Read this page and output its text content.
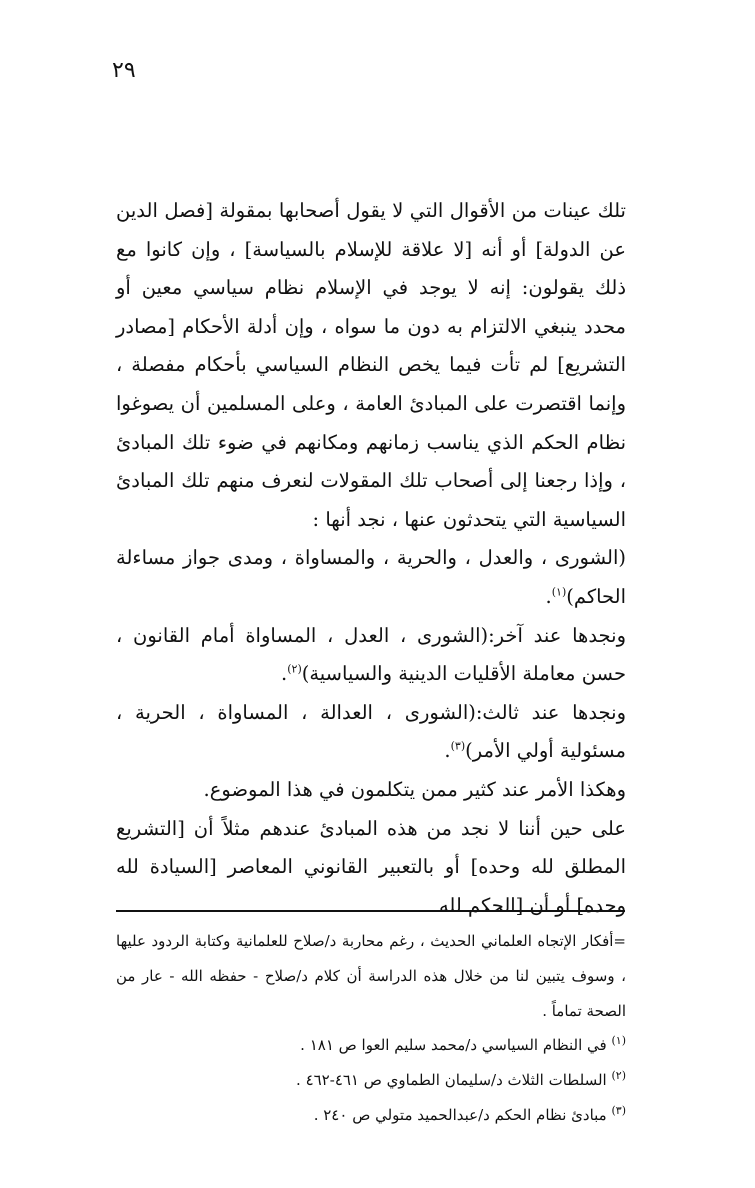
٢٩

تلك عينات من الأقوال التي لا يقول أصحابها بمقولة [فصل الدين عن الدولة] أو أنه [لا علاقة للإسلام بالسياسة] ، وإن كانوا مع ذلك يقولون: إنه لا يوجد في الإسلام نظام سياسي معين أو محدد ينبغي الالتزام به دون ما سواه ، وإن أدلة الأحكام [مصادر التشريع] لم تأت فيما يخص النظام السياسي بأحكام مفصلة ، وإنما اقتصرت على المبادئ العامة ، وعلى المسلمين أن يصوغوا نظام الحكم الذي يناسب زمانهم ومكانهم في ضوء تلك المبادئ ، وإذا رجعنا إلى أصحاب تلك المقولات لنعرف منهم تلك المبادئ السياسية التي يتحدثون عنها ، نجد أنها :

(الشورى ، والعدل ، والحرية ، والمساواة ، ومدى جواز مساءلة الحاكم)$^{(١)}$.

ونجدها عند آخر:(الشورى ، العدل ، المساواة أمام القانون ، حسن معاملة الأقليات الدينية والسياسية)$^{(٢)}$.

ونجدها عند ثالث:(الشورى ، العدالة ، المساواة ، الحرية ، مسئولية أولي الأمر)$^{(٣)}$.

وهكذا الأمر عند كثير ممن يتكلمون في هذا الموضوع.

على حين أننا لا نجد من هذه المبادئ عندهم مثلاً أن [التشريع المطلق لله وحده] أو بالتعبير القانوني المعاصر [السيادة لله وحده] أو أن [الحكم لله

=أفكار الإتجاه العلماني الحديث ، رغم محاربة د/صلاح للعلمانية وكتابة الردود عليها ، وسوف يتبين لنا من خلال هذه الدراسة أن كلام د/صلاح - حفظه الله - عار من الصحة تماماً .

$^{(١)}$ في النظام السياسي د/محمد سليم العوا ص ١٨١ .

$^{(٢)}$ السلطات الثلاث د/سليمان الطماوي ص ٤٦١-٤٦٢ .

$^{(٣)}$ مبادئ نظام الحكم د/عبدالحميد متولي ص ٢٤٠ .
